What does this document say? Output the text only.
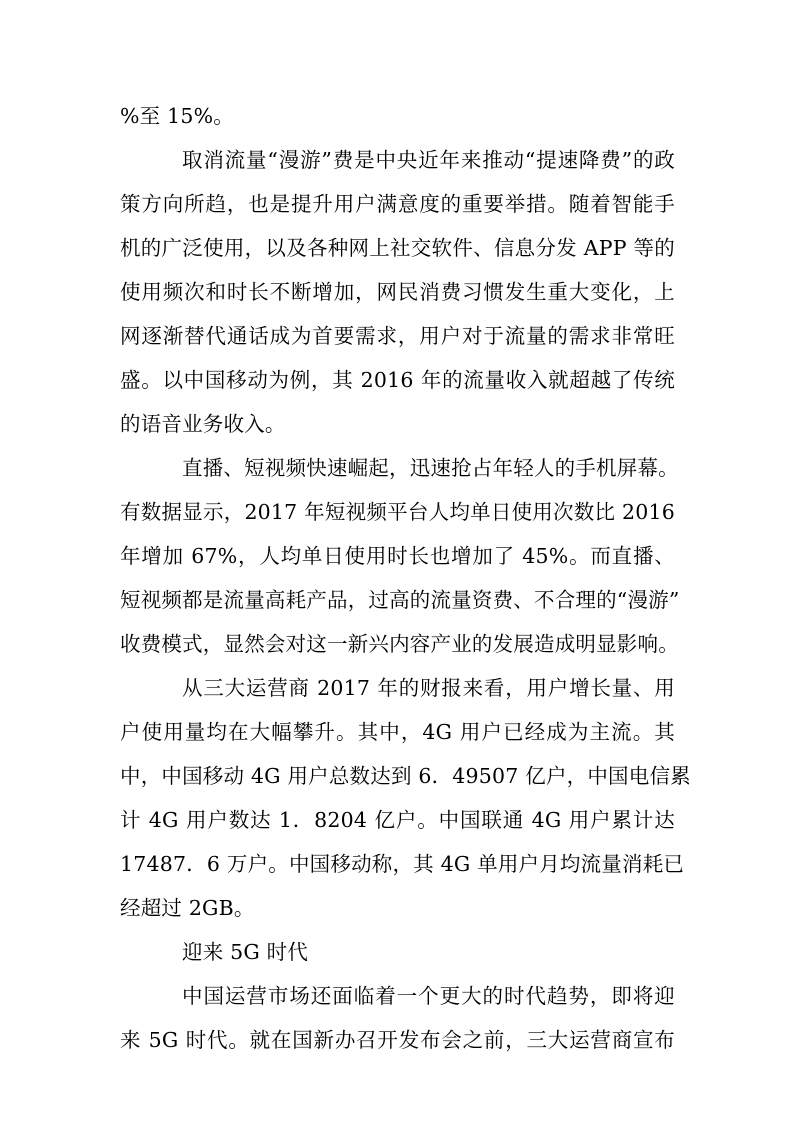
%至 15%。
取消流量“漫游”费是中央近年来推动“提速降费”的政
策方向所趋，也是提升用户满意度的重要举措。随着智能手
机的广泛使用，以及各种网上社交软件、信息分发 APP 等的
使用频次和时长不断增加，网民消费习惯发生重大变化，上
网逐渐替代通话成为首要需求，用户对于流量的需求非常旺
盛。以中国移动为例，其 2016 年的流量收入就超越了传统
的语音业务收入。
直播、短视频快速崛起，迅速抢占年轻人的手机屏幕。
有数据显示，2017 年短视频平台人均单日使用次数比 2016
年增加 67%，人均单日使用时长也增加了 45%。而直播、
短视频都是流量高耗产品，过高的流量资费、不合理的“漫游”
收费模式，显然会对这一新兴内容产业的发展造成明显影响。
从三大运营商 2017 年的财报来看，用户增长量、用
户使用量均在大幅攀升。其中，4G 用户已经成为主流。其
中，中国移动 4G 用户总数达到 6．49507 亿户，中国电信累
计 4G 用户数达 1．8204 亿户。中国联通 4G 用户累计达
17487．6 万户。中国移动称，其 4G 单用户月均流量消耗已
经超过 2GB。
迎来 5G 时代
中国运营市场还面临着一个更大的时代趋势，即将迎
来 5G 时代。就在国新办召开发布会之前，三大运营商宣布
